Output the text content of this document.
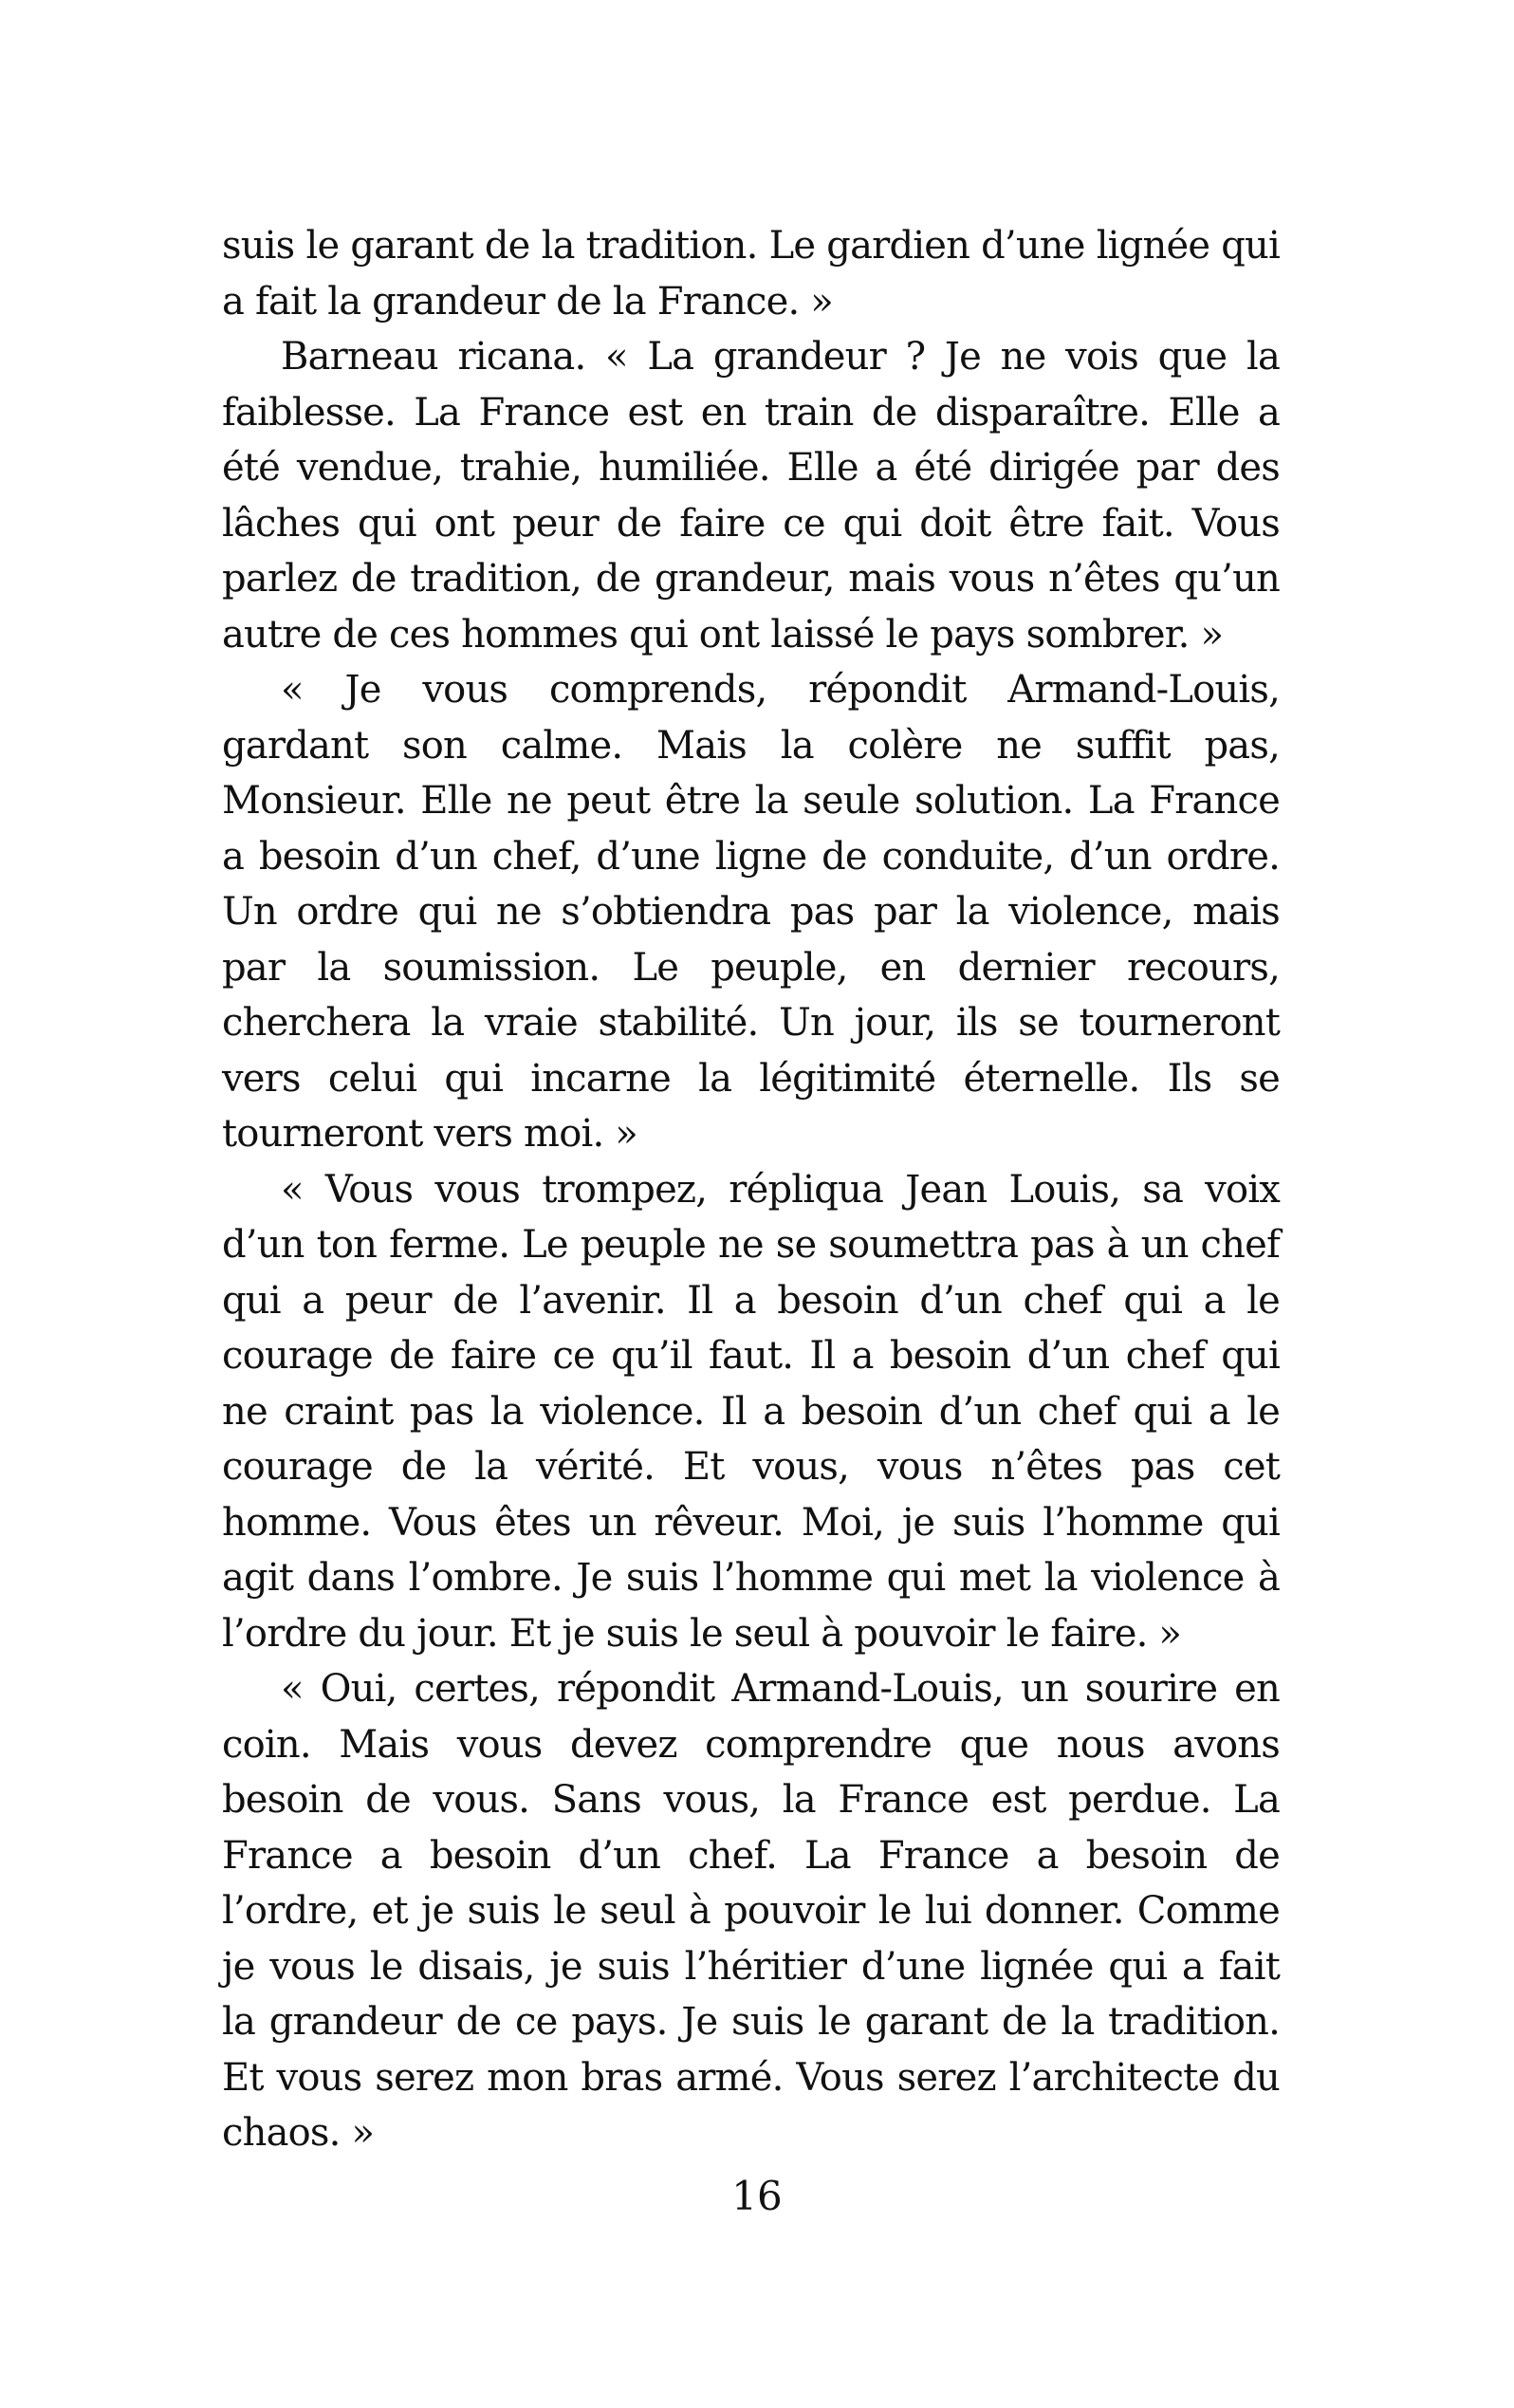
suis le garant de la tradition. Le gardien d’une lignée qui a fait la grandeur de la France. »

Barneau ricana. « La grandeur ? Je ne vois que la faiblesse. La France est en train de disparaître. Elle a été vendue, trahie, humiliée. Elle a été dirigée par des lâches qui ont peur de faire ce qui doit être fait. Vous parlez de tradition, de grandeur, mais vous n’êtes qu’un autre de ces hommes qui ont laissé le pays sombrer. »

« Je vous comprends, répondit Armand-Louis, gardant son calme. Mais la colère ne suffit pas, Monsieur. Elle ne peut être la seule solution. La France a besoin d’un chef, d’une ligne de conduite, d’un ordre. Un ordre qui ne s’obtiendra pas par la violence, mais par la soumission. Le peuple, en dernier recours, cherchera la vraie stabilité. Un jour, ils se tourneront vers celui qui incarne la légitimité éternelle. Ils se tourneront vers moi. »

« Vous vous trompez, répliqua Jean Louis, sa voix d’un ton ferme. Le peuple ne se soumettra pas à un chef qui a peur de l’avenir. Il a besoin d’un chef qui a le courage de faire ce qu’il faut. Il a besoin d’un chef qui ne craint pas la violence. Il a besoin d’un chef qui a le courage de la vérité. Et vous, vous n’êtes pas cet homme. Vous êtes un rêveur. Moi, je suis l’homme qui agit dans l’ombre. Je suis l’homme qui met la violence à l’ordre du jour. Et je suis le seul à pouvoir le faire. »

« Oui, certes, répondit Armand-Louis, un sourire en coin. Mais vous devez comprendre que nous avons besoin de vous. Sans vous, la France est perdue. La France a besoin d’un chef. La France a besoin de l’ordre, et je suis le seul à pouvoir le lui donner. Comme je vous le disais, je suis l’héritier d’une lignée qui a fait la grandeur de ce pays. Je suis le garant de la tradition. Et vous serez mon bras armé. Vous serez l’architecte du chaos. »

16
